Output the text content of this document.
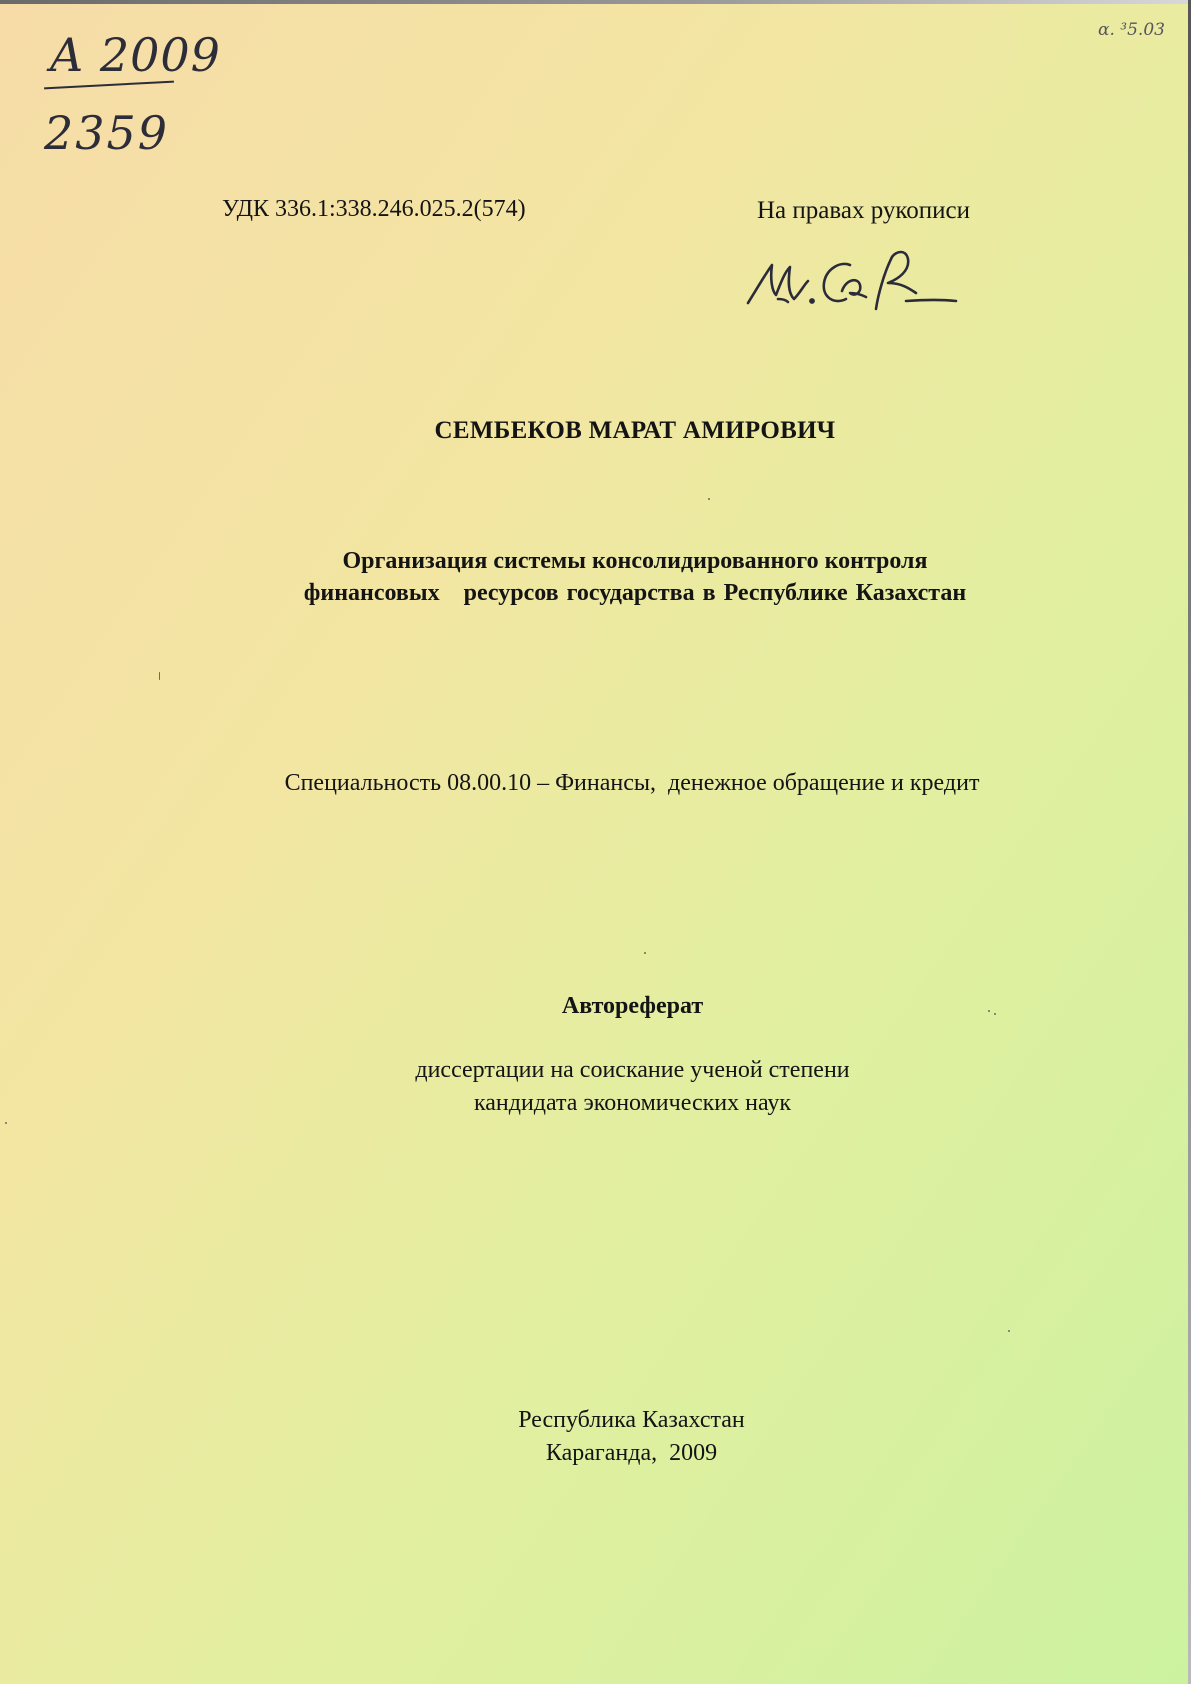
A 2009
2359
α. ³5.03
УДК 336.1:338.246.025.2(574)	На правах рукописи
СЕМБЕКОВ МАРАТ АМИРОВИЧ
Организация системы консолидированного контроля
финансовых   ресурсов государства в Республике Казахстан
Специальность 08.00.10 – Финансы,  денежное обращение и кредит
Автореферат
диссертации на соискание ученой степени
кандидата экономических наук
Республика Казахстан
Караганда,  2009
